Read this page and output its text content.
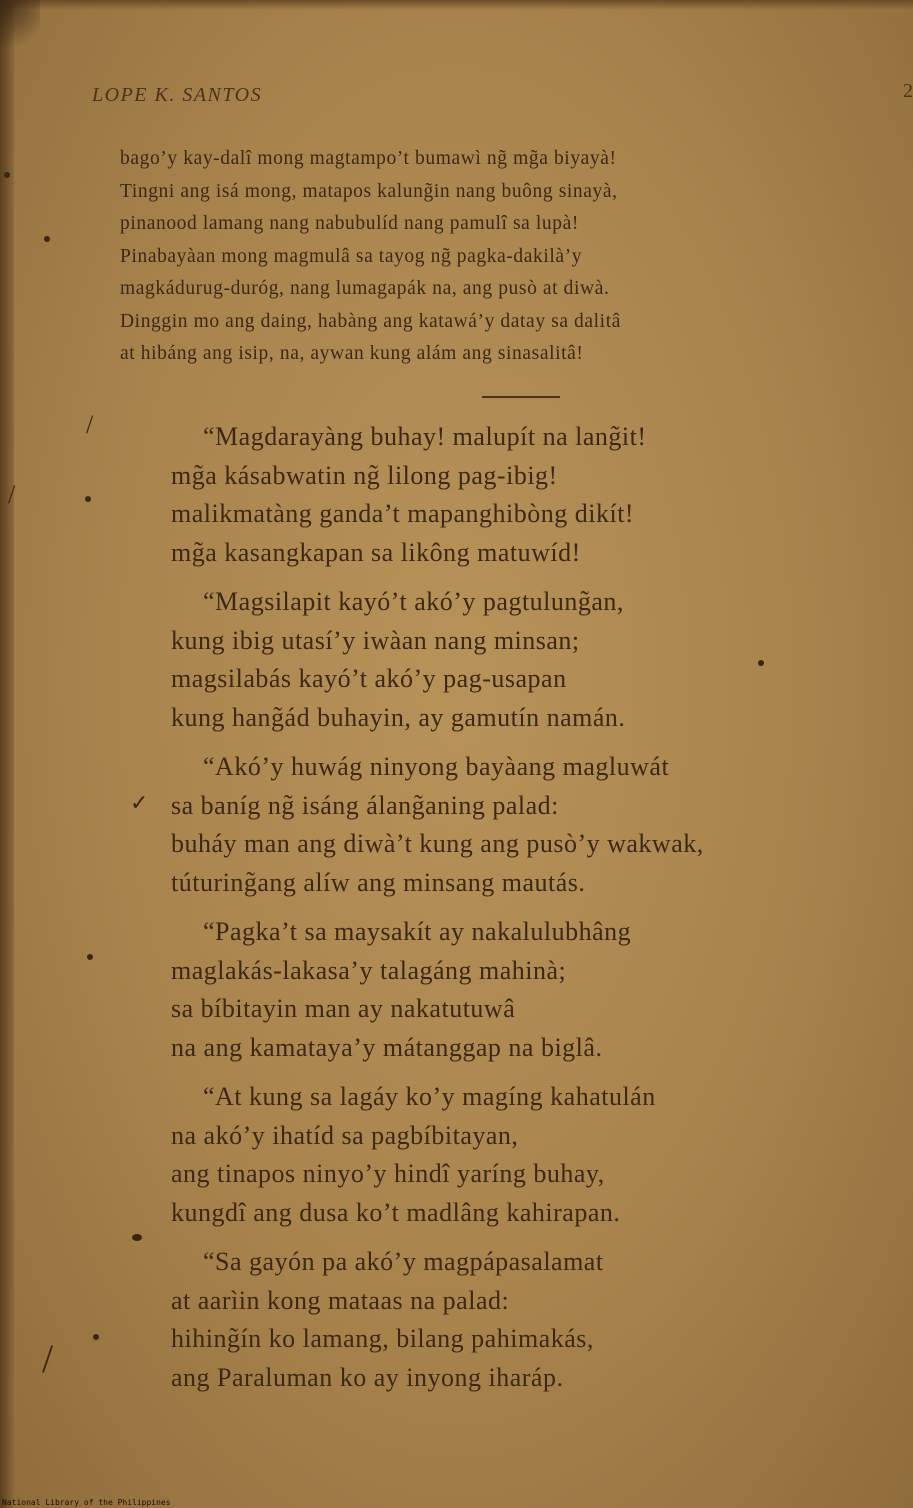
LOPE K. SANTOS	2
bago’y kay-dalî mong magtampo’t bumawì ng̃ mg̃a biyayà!
Tingni ang isá mong, matapos kalung̃in nang buông sinayà,
pinanood lamang nang nabubulíd nang pamulî sa lupà!
Pinabayàan mong magmulâ sa tayog ng̃ pagka-dakilà’y
magkádurug-duróg, nang lumagapák na, ang pusò at diwà.
Dinggin mo ang daing, habàng ang katawá’y datay sa dalitâ
at hibáng ang isip, na, aywan kung alám ang sinasalitâ!
“Magdarayàng buhay! malupít na lang̃it!
mg̃a kásabwatin ng̃ lilong pag-ibig!
malikmatàng ganda’t mapanghibòng dikít!
mg̃a kasangkapan sa likông matuwíd!
“Magsilapit kayó’t akó’y pagtulung̃an,
kung ibig utasí’y iwàan nang minsan;
magsilabás kayó’t akó’y pag-usapan
kung hang̃ád buhayin, ay gamutín namán.
“Akó’y huwág ninyong bayàang magluwát
sa baníg ng̃ isáng álang̃aning palad:
buháy man ang diwà’t kung ang pusò’y wakwak,
túturing̃ang alíw ang minsang mautás.
“Pagka’t sa maysakít ay nakalulubhâng
maglakás-lakasa’y talagáng mahinà;
sa bíbitayin man ay nakatutuwâ
na ang kamataya’y mátanggap na biglâ.
“At kung sa lagáy ko’y magíng kahatulán
na akó’y ihatíd sa pagbíbitayan,
ang tinapos ninyo’y hindî yaríng buhay,
kungdî ang dusa ko’t madlâng kahirapan.
“Sa gayón pa akó’y magpápasalamat
at aarìin kong mataas na palad:
hihing̃ín ko lamang, bilang pahimakás,
ang Paraluman ko ay inyong iharáp.
/
/
✓
/
National Library of the Philippines
